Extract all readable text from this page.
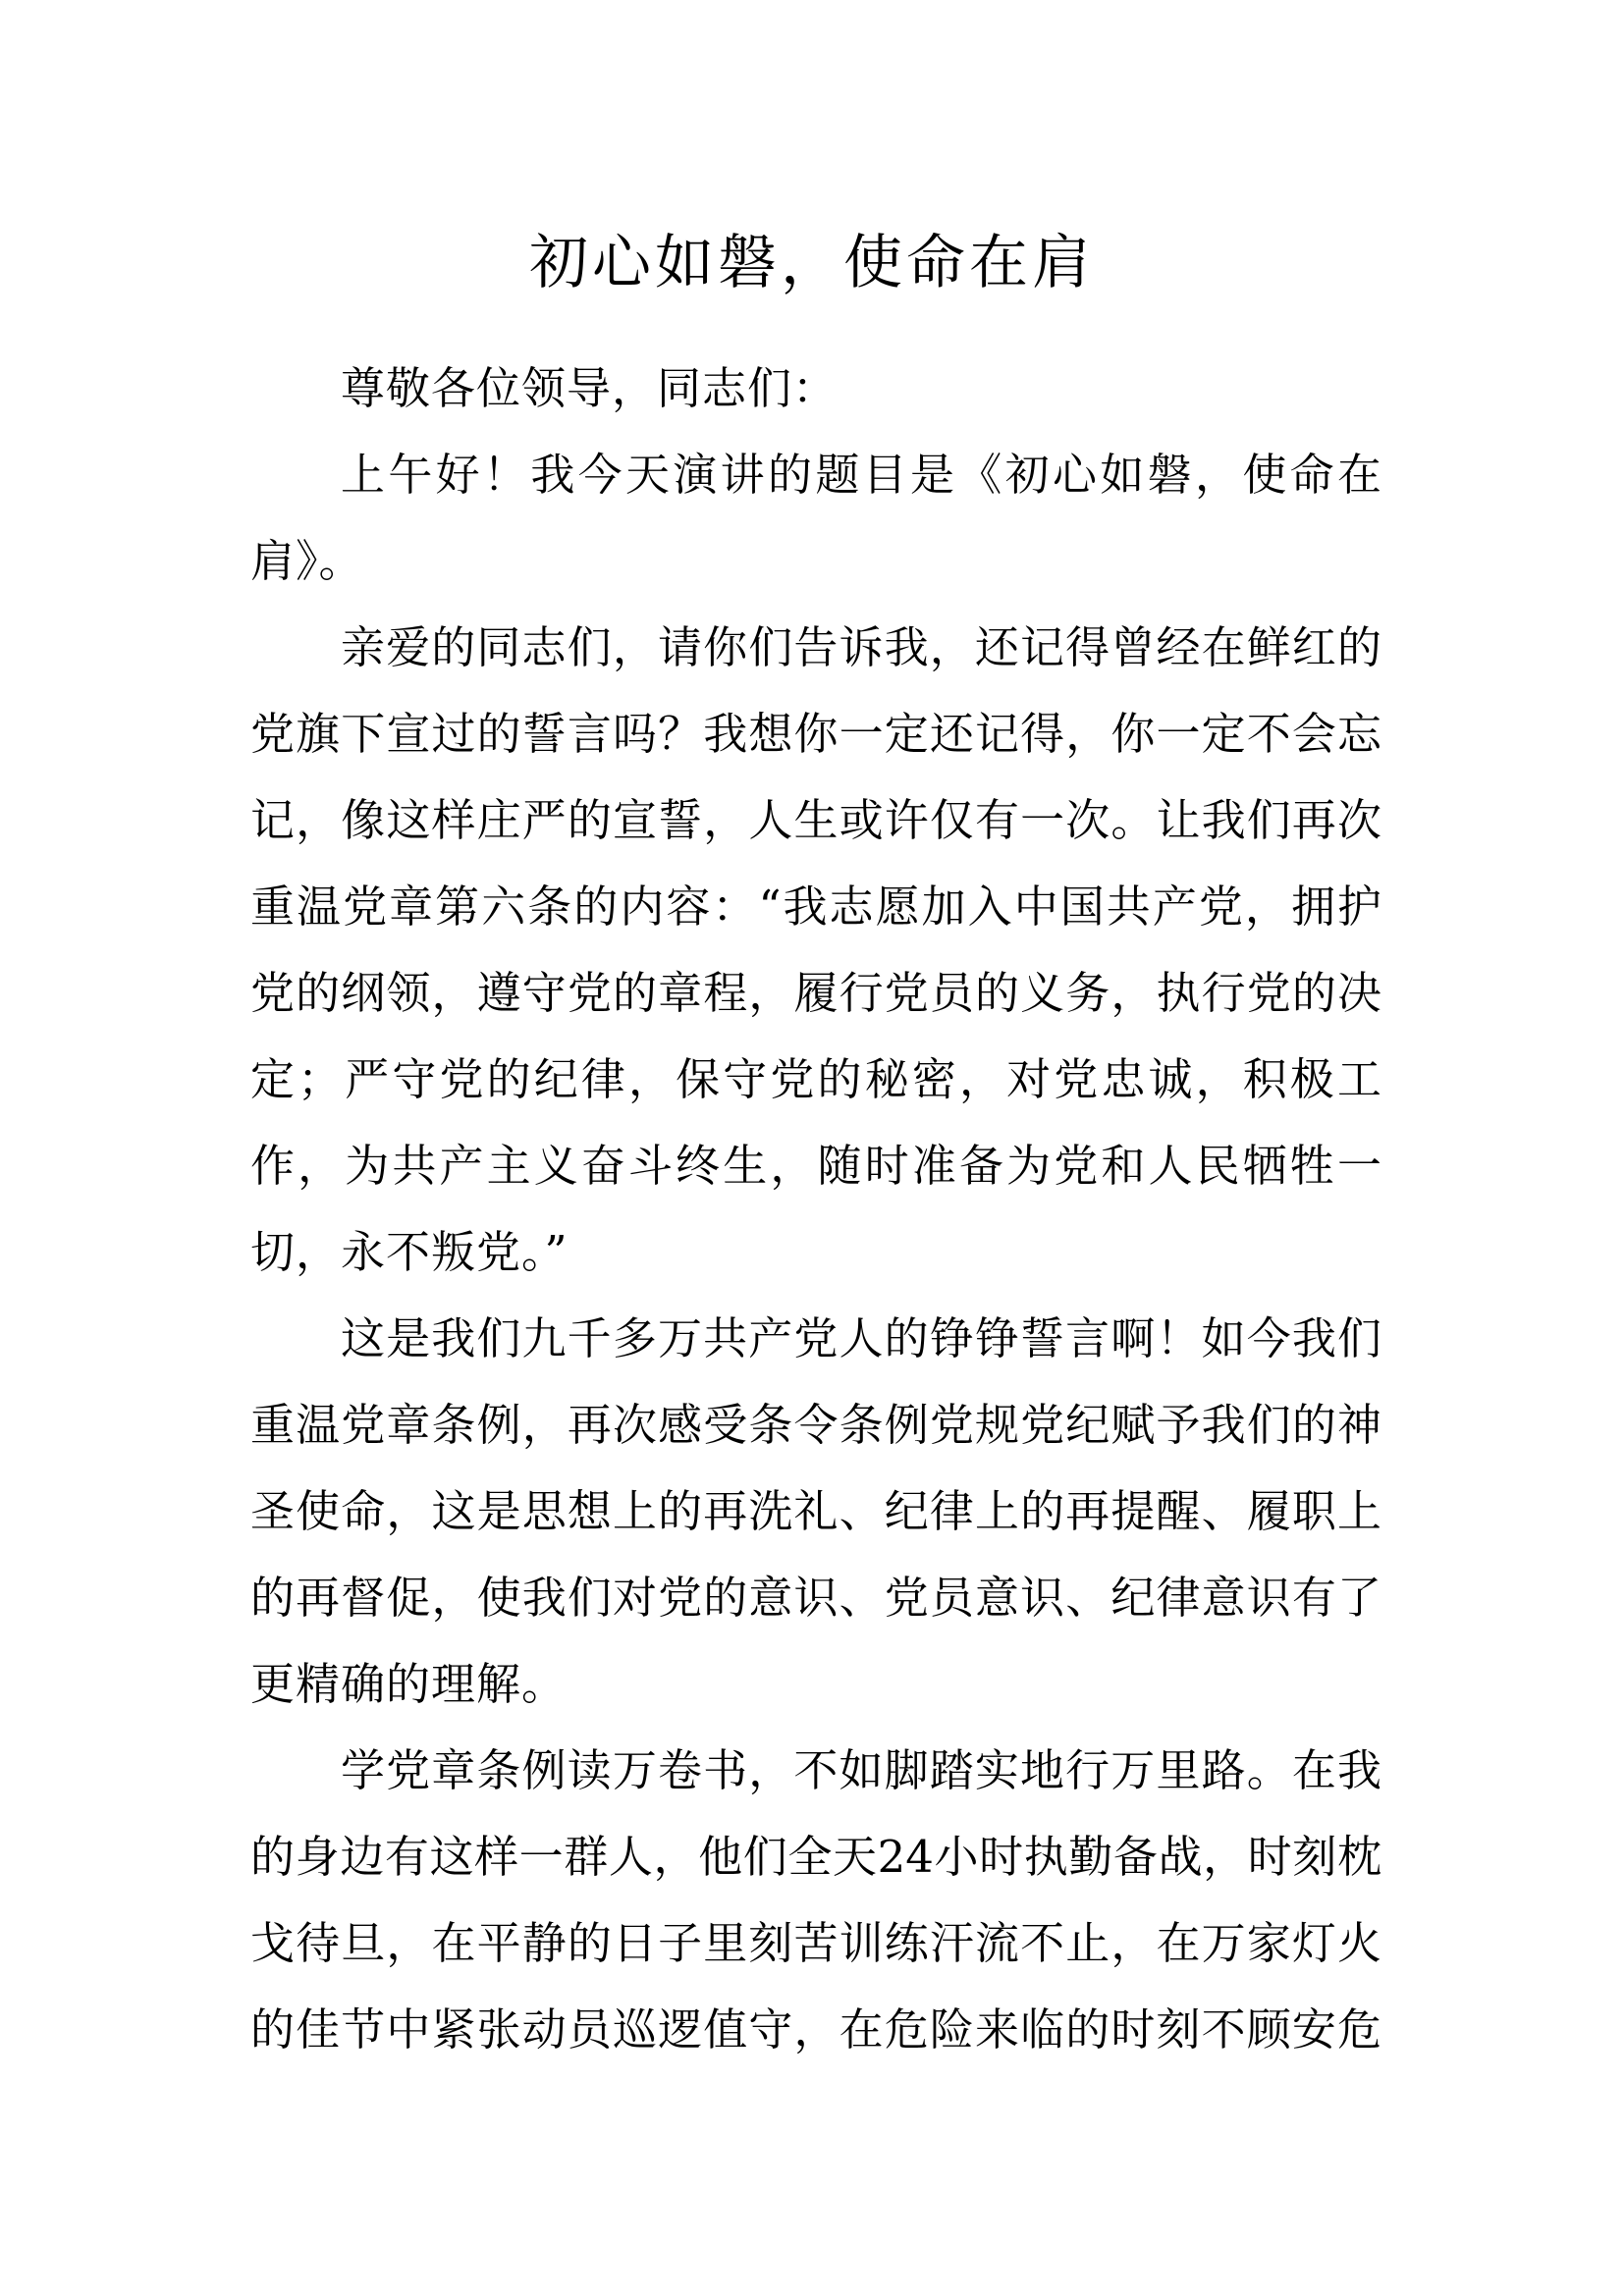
初心如磐，使命在肩
尊敬各位领导，同志们：
上午好！我今天演讲的题目是《初心如磐，使命在
肩》。
亲爱的同志们，请你们告诉我，还记得曾经在鲜红的
党旗下宣过的誓言吗？我想你一定还记得，你一定不会忘
记，像这样庄严的宣誓，人生或许仅有一次。让我们再次
重温党章第六条的内容：“我志愿加入中国共产党，拥护
党的纲领，遵守党的章程，履行党员的义务，执行党的决
定；严守党的纪律，保守党的秘密，对党忠诚，积极工
作，为共产主义奋斗终生，随时准备为党和人民牺牲一
切，永不叛党。”
这是我们九千多万共产党人的铮铮誓言啊！如今我们
重温党章条例，再次感受条令条例党规党纪赋予我们的神
圣使命，这是思想上的再洗礼、纪律上的再提醒、履职上
的再督促，使我们对党的意识、党员意识、纪律意识有了
更精确的理解。
学党章条例读万卷书，不如脚踏实地行万里路。在我
的身边有这样一群人，他们全天24小时执勤备战，时刻枕
戈待旦，在平静的日子里刻苦训练汗流不止，在万家灯火
的佳节中紧张动员巡逻值守，在危险来临的时刻不顾安危
